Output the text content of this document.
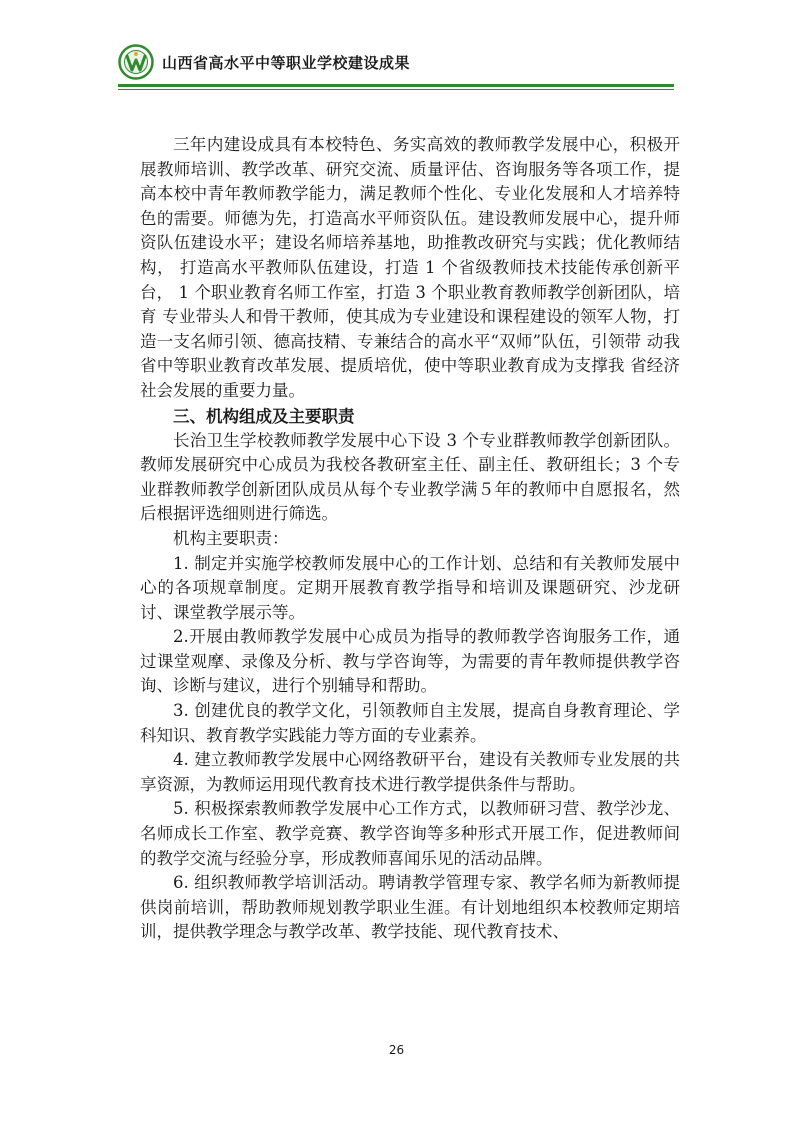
山西省高水平中等职业学校建设成果

三年内建设成具有本校特色、务实高效的教师教学发展中心，积极开展教师培训、教学改革、研究交流、质量评估、咨询服务等各项工作，提高本校中青年教师教学能力，满足教师个性化、专业化发展和人才培养特色的需要。师德为先，打造高水平师资队伍。建设教师发展中心，提升师资队伍建设水平；建设名师培养基地，助推教改研究与实践；优化教师结构， 打造高水平教师队伍建设，打造 1 个省级教师技术技能传承创新平台， 1 个职业教育名师工作室，打造 3 个职业教育教师教学创新团队，培育 专业带头人和骨干教师，使其成为专业建设和课程建设的领军人物，打 造一支名师引领、德高技精、专兼结合的高水平“双师”队伍，引领带 动我省中等职业教育改革发展、提质培优，使中等职业教育成为支撑我 省经济社会发展的重要力量。

三、机构组成及主要职责

长治卫生学校教师教学发展中心下设 3 个专业群教师教学创新团队。教师发展研究中心成员为我校各教研室主任、副主任、教研组长；3 个专业群教师教学创新团队成员从每个专业教学满５年的教师中自愿报名，然后根据评选细则进行筛选。

机构主要职责：

1. 制定并实施学校教师发展中心的工作计划、总结和有关教师发展中心的各项规章制度。定期开展教育教学指导和培训及课题研究、沙龙研讨、课堂教学展示等。

2.开展由教师教学发展中心成员为指导的教师教学咨询服务工作，通过课堂观摩、录像及分析、教与学咨询等，为需要的青年教师提供教学咨询、诊断与建议，进行个别辅导和帮助。

3. 创建优良的教学文化，引领教师自主发展，提高自身教育理论、学科知识、教育教学实践能力等方面的专业素养。

4. 建立教师教学发展中心网络教研平台，建设有关教师专业发展的共享资源，为教师运用现代教育技术进行教学提供条件与帮助。

5. 积极探索教师教学发展中心工作方式，以教师研习营、教学沙龙、名师成长工作室、教学竞赛、教学咨询等多种形式开展工作，促进教师间的教学交流与经验分享，形成教师喜闻乐见的活动品牌。

6. 组织教师教学培训活动。聘请教学管理专家、教学名师为新教师提供岗前培训，帮助教师规划教学职业生涯。有计划地组织本校教师定期培训，提供教学理念与教学改革、教学技能、现代教育技术、

26
